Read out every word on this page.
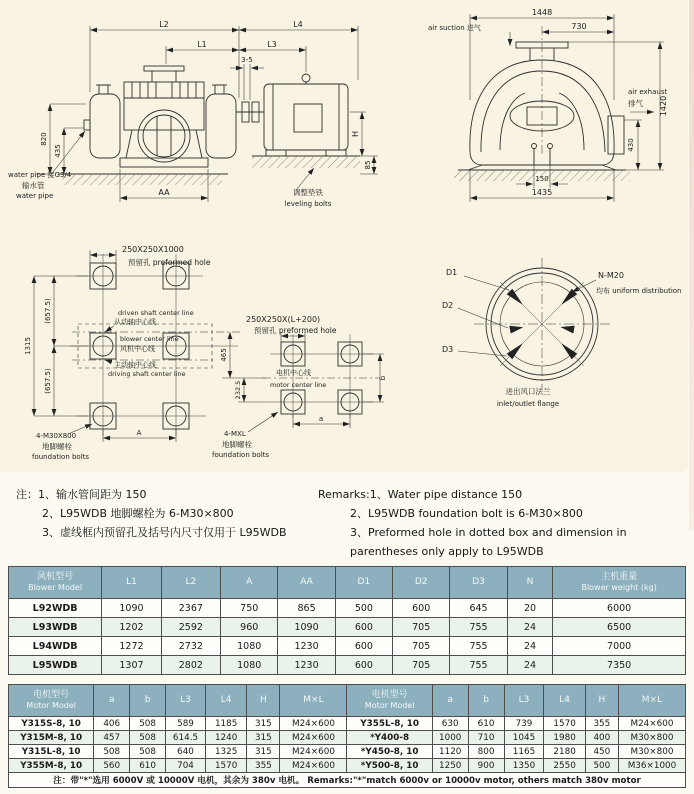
L2	L4
L1	L3
3-5
820
435
H
85
AA
water pipe 接G3/4
输水管
water pipe	调整垫铁
leveling bolts
1448
730
1420
430
150
1435
air suction 进气
air exhaust
排气
250X250X1000
预留孔 preformed hole
1315
(657.5)
(657.5)
driven shaft center line
从动轴中心线
blower center line
风机中心线
主动轴中心线
driving shaft center line
A
4-M30X800
地脚螺栓
foundation bolts
465
232.5
250X250X(L+200)
预留孔 preformed hole
电机中心线
motor center line
b
a
4-MXL
地脚螺栓
foundation bolts
D1
D2
D3
N-M20
均布 uniform distribution
进出风口法兰
inlet/outlet flange
注：1、输水管间距为 150
2、L95WDB 地脚螺栓为 6-M30×800
3、虚线框内预留孔及括号内尺寸仅用于 L95WDB
Remarks:1、Water pipe distance 150
2、L95WDB foundation bolt is 6-M30×800
3、Preformed hole in dotted box and dimension in parentheses only apply to L95WDB
风机型号
Blower Model

L1	L2	A	AA	D1	D2	D3	N	主机重量
Blower weight (kg)

L92WDB	1090	2367	750	865	500	600	645	20	6000
L93WDB	1202	2592	960	1090	600	705	755	24	6500
L94WDB	1272	2732	1080	1230	600	705	755	24	7000
L95WDB	1307	2802	1080	1230	600	705	755	24	7350
电机型号
Motor Model

a	b	L3	L4	H	M×L	电机型号
Motor Model

a	b	L3	L4	H	M×L

Y315S-8, 10	406	508	589	1185	315	M24×600	Y355L-8, 10	630	610	739	1570	355	M24×600
Y315M-8, 10	457	508	614.5	1240	315	M24×600	*Y400-8	1000	710	1045	1980	400	M30×800
Y315L-8, 10	508	508	640	1325	315	M24×600	*Y450-8, 10	1120	800	1165	2180	450	M30×800
Y355M-8, 10	560	610	704	1570	355	M24×600	*Y500-8, 10	1250	900	1350	2550	500	M36×1000
注：带"*"选用 6000V 或 10000V 电机，其余为 380v 电机。 Remarks:"*"match 6000v or 10000v motor, others match 380v motor													
